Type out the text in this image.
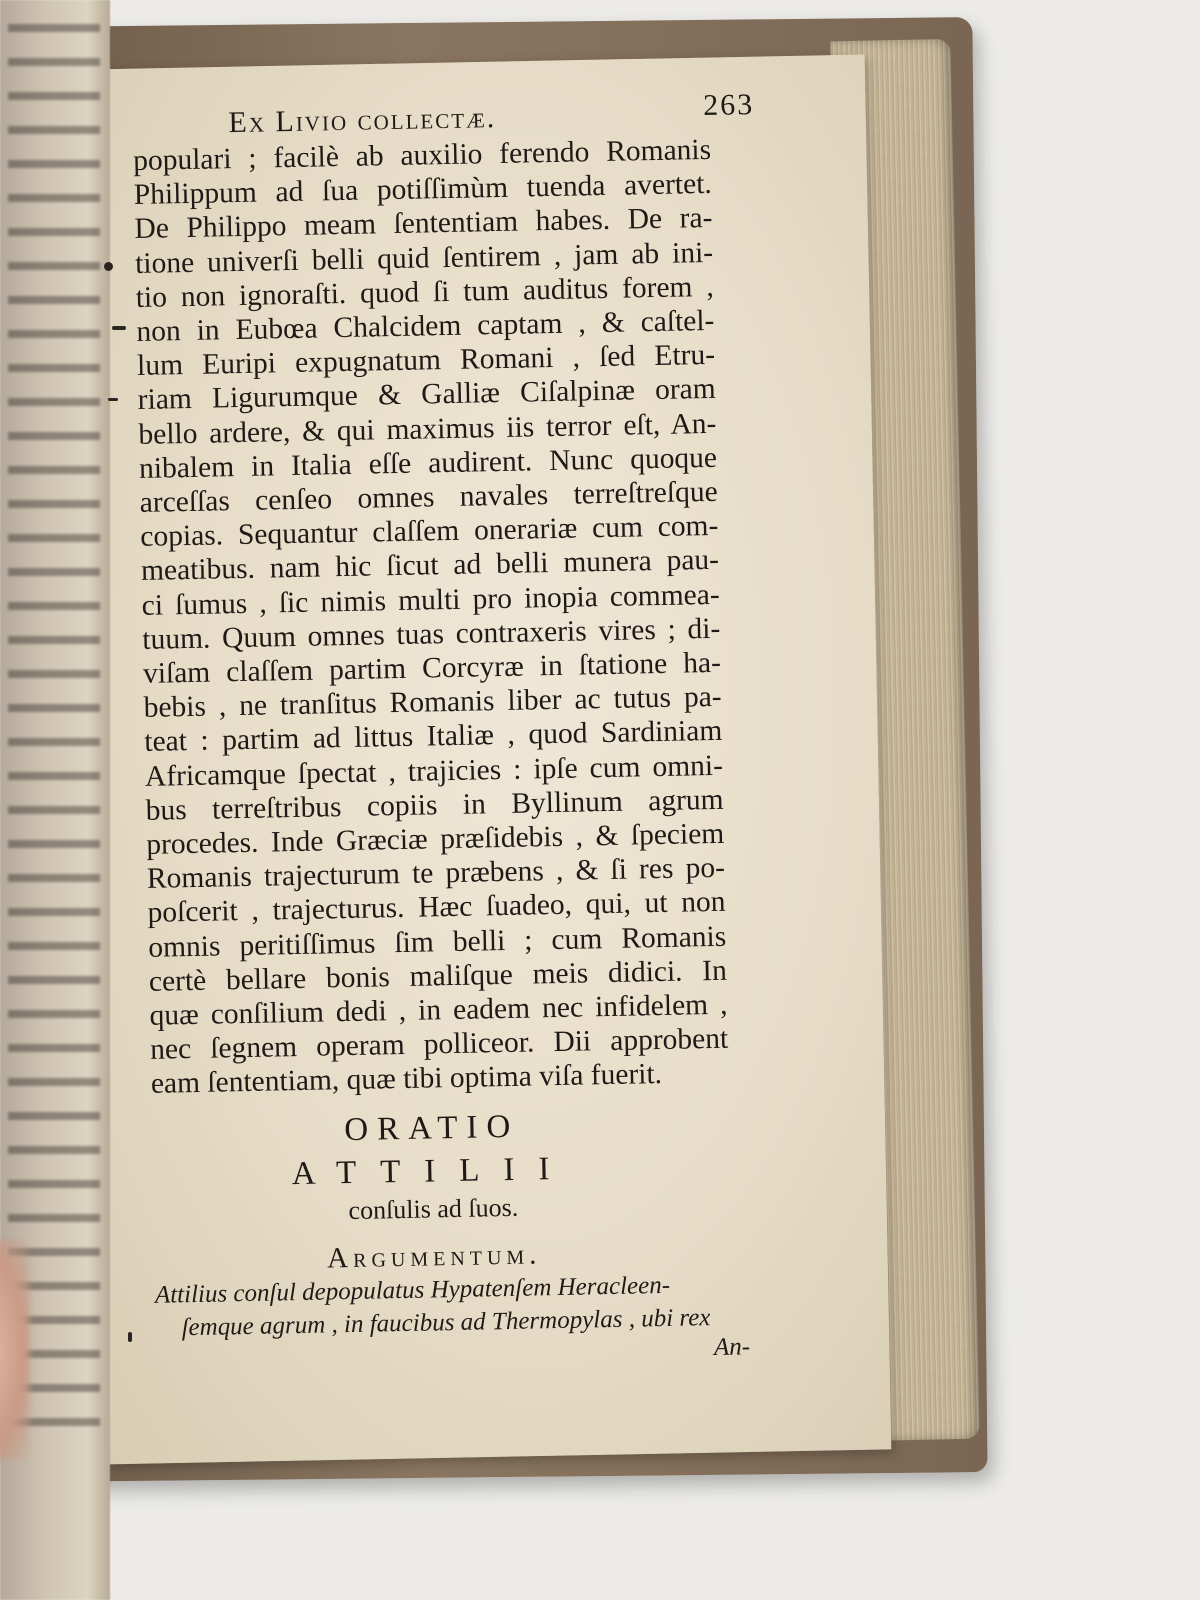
Ex Livio collectæ.	263
populari ; facilè ab auxilio ferendo Romanis
Philippum ad ſua potiſſimùm tuenda avertet.
De Philippo meam ſententiam habes. De ra-
tione univerſi belli quid ſentirem , jam ab ini-
tio non ignoraſti. quod ſi tum auditus forem ,
non in Eubœa Chalcidem captam , & caſtel-
lum Euripi expugnatum Romani , ſed Etru-
riam Ligurumque & Galliæ Ciſalpinæ oram
bello ardere, & qui maximus iis terror eſt, An-
nibalem in Italia eſſe audirent. Nunc quoque
arceſſas cenſeo omnes navales terreſtreſque
copias. Sequantur claſſem onerariæ cum com-
meatibus. nam hic ſicut ad belli munera pau-
ci ſumus , ſic nimis multi pro inopia commea-
tuum. Quum omnes tuas contraxeris vires ; di-
viſam claſſem partim Corcyræ in ſtatione ha-
bebis , ne tranſitus Romanis liber ac tutus pa-
teat : partim ad littus Italiæ , quod Sardiniam
Africamque ſpectat , trajicies : ipſe cum omni-
bus terreſtribus copiis in Byllinum agrum
procedes. Inde Græciæ præſidebis , & ſpeciem
Romanis trajecturum te præbens , & ſi res po-
poſcerit , trajecturus. Hæc ſuadeo, qui, ut non
omnis peritiſſimus ſim belli ; cum Romanis
certè bellare bonis maliſque meis didici. In
quæ conſilium dedi , in eadem nec infidelem ,
nec ſegnem operam polliceor. Dii approbent
eam ſententiam, quæ tibi optima viſa fuerit.
ORATIO
ATTILII
conſulis ad ſuos.
Argumentum.
Attilius conſul depopulatus Hypatenſem Heracleen-
ſemque agrum , in faucibus ad Thermopylas , ubi rex
An-
